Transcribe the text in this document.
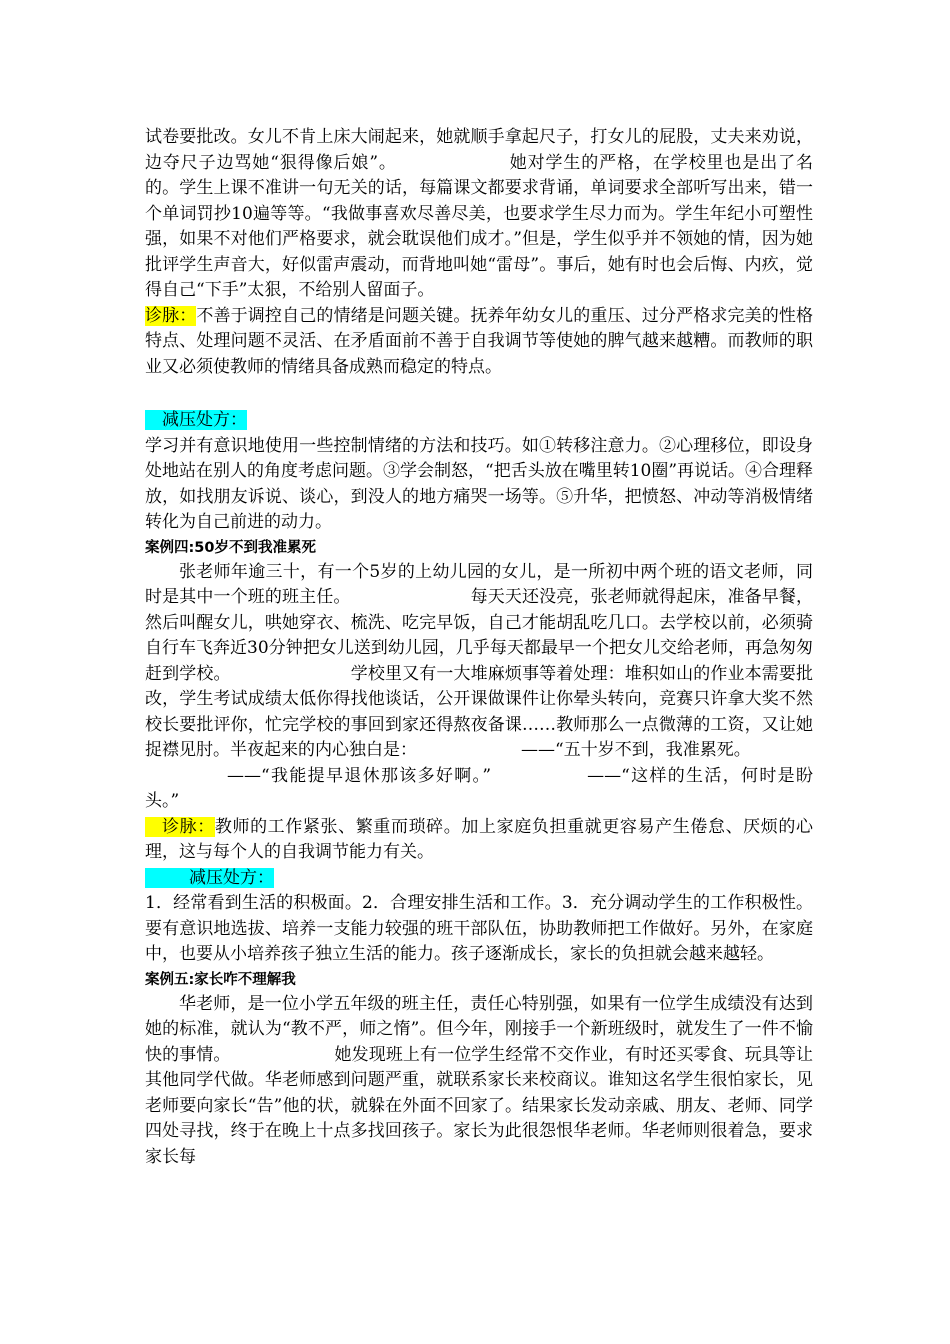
试卷要批改。女儿不肯上床大闹起来，她就顺手拿起尺子，打女儿的屁股，丈夫来劝说，边夺尺子边骂她“狠得像后娘”。	她对学生的严格，在学校里也是出了名的。学生上课不准讲一句无关的话，每篇课文都要求背诵，单词要求全部听写出来，错一个单词罚抄10遍等等。“我做事喜欢尽善尽美，也要求学生尽力而为。学生年纪小可塑性强，如果不对他们严格要求，就会耽误他们成才。”但是，学生似乎并不领她的情，因为她批评学生声音大，好似雷声震动，而背地叫她“雷母”。事后，她有时也会后悔、内疚，觉得自己“下手”太狠，不给别人留面子。

诊脉：不善于调控自己的情绪是问题关键。抚养年幼女儿的重压、过分严格求完美的性格特点、处理问题不灵活、在矛盾面前不善于自我调节等使她的脾气越来越糟。而教师的职业又必须使教师的情绪具备成熟而稳定的特点。

减压处方：

学习并有意识地使用一些控制情绪的方法和技巧。如①转移注意力。②心理移位，即设身处地站在别人的角度考虑问题。③学会制怒，“把舌头放在嘴里转10圈”再说话。④合理释放，如找朋友诉说、谈心，到没人的地方痛哭一场等。⑤升华，把愤怒、冲动等消极情绪转化为自己前进的动力。

案例四:50岁不到我准累死

张老师年逾三十，有一个5岁的上幼儿园的女儿，是一所初中两个班的语文老师，同时是其中一个班的班主任。	每天天还没亮，张老师就得起床，准备早餐，然后叫醒女儿，哄她穿衣、梳洗、吃完早饭，自己才能胡乱吃几口。去学校以前，必须骑自行车飞奔近30分钟把女儿送到幼儿园，几乎每天都最早一个把女儿交给老师，再急匆匆赶到学校。	学校里又有一大堆麻烦事等着处理：堆积如山的作业本需要批改，学生考试成绩太低你得找他谈话，公开课做课件让你晕头转向，竞赛只许拿大奖不然校长要批评你，忙完学校的事回到家还得熬夜备课……教师那么一点微薄的工资，又让她捉襟见肘。半夜起来的内心独白是：	——“五十岁不到，我准累死。
——“我能提早退休那该多好啊。”	——“这样的生活，何时是盼头。”

诊脉：教师的工作紧张、繁重而琐碎。加上家庭负担重就更容易产生倦怠、厌烦的心理，这与每个人的自我调节能力有关。

减压处方：

1．经常看到生活的积极面。2．合理安排生活和工作。3．充分调动学生的工作积极性。要有意识地选拔、培养一支能力较强的班干部队伍，协助教师把工作做好。另外，在家庭中，也要从小培养孩子独立生活的能力。孩子逐渐成长，家长的负担就会越来越轻。

案例五:家长咋不理解我

华老师，是一位小学五年级的班主任，责任心特别强，如果有一位学生成绩没有达到她的标准，就认为“教不严，师之惰”。但今年，刚接手一个新班级时，就发生了一件不愉快的事情。	她发现班上有一位学生经常不交作业，有时还买零食、玩具等让其他同学代做。华老师感到问题严重，就联系家长来校商议。谁知这名学生很怕家长，见老师要向家长“告”他的状，就躲在外面不回家了。结果家长发动亲戚、朋友、老师、同学四处寻找，终于在晚上十点多找回孩子。家长为此很怨恨华老师。华老师则很着急，要求家长每
